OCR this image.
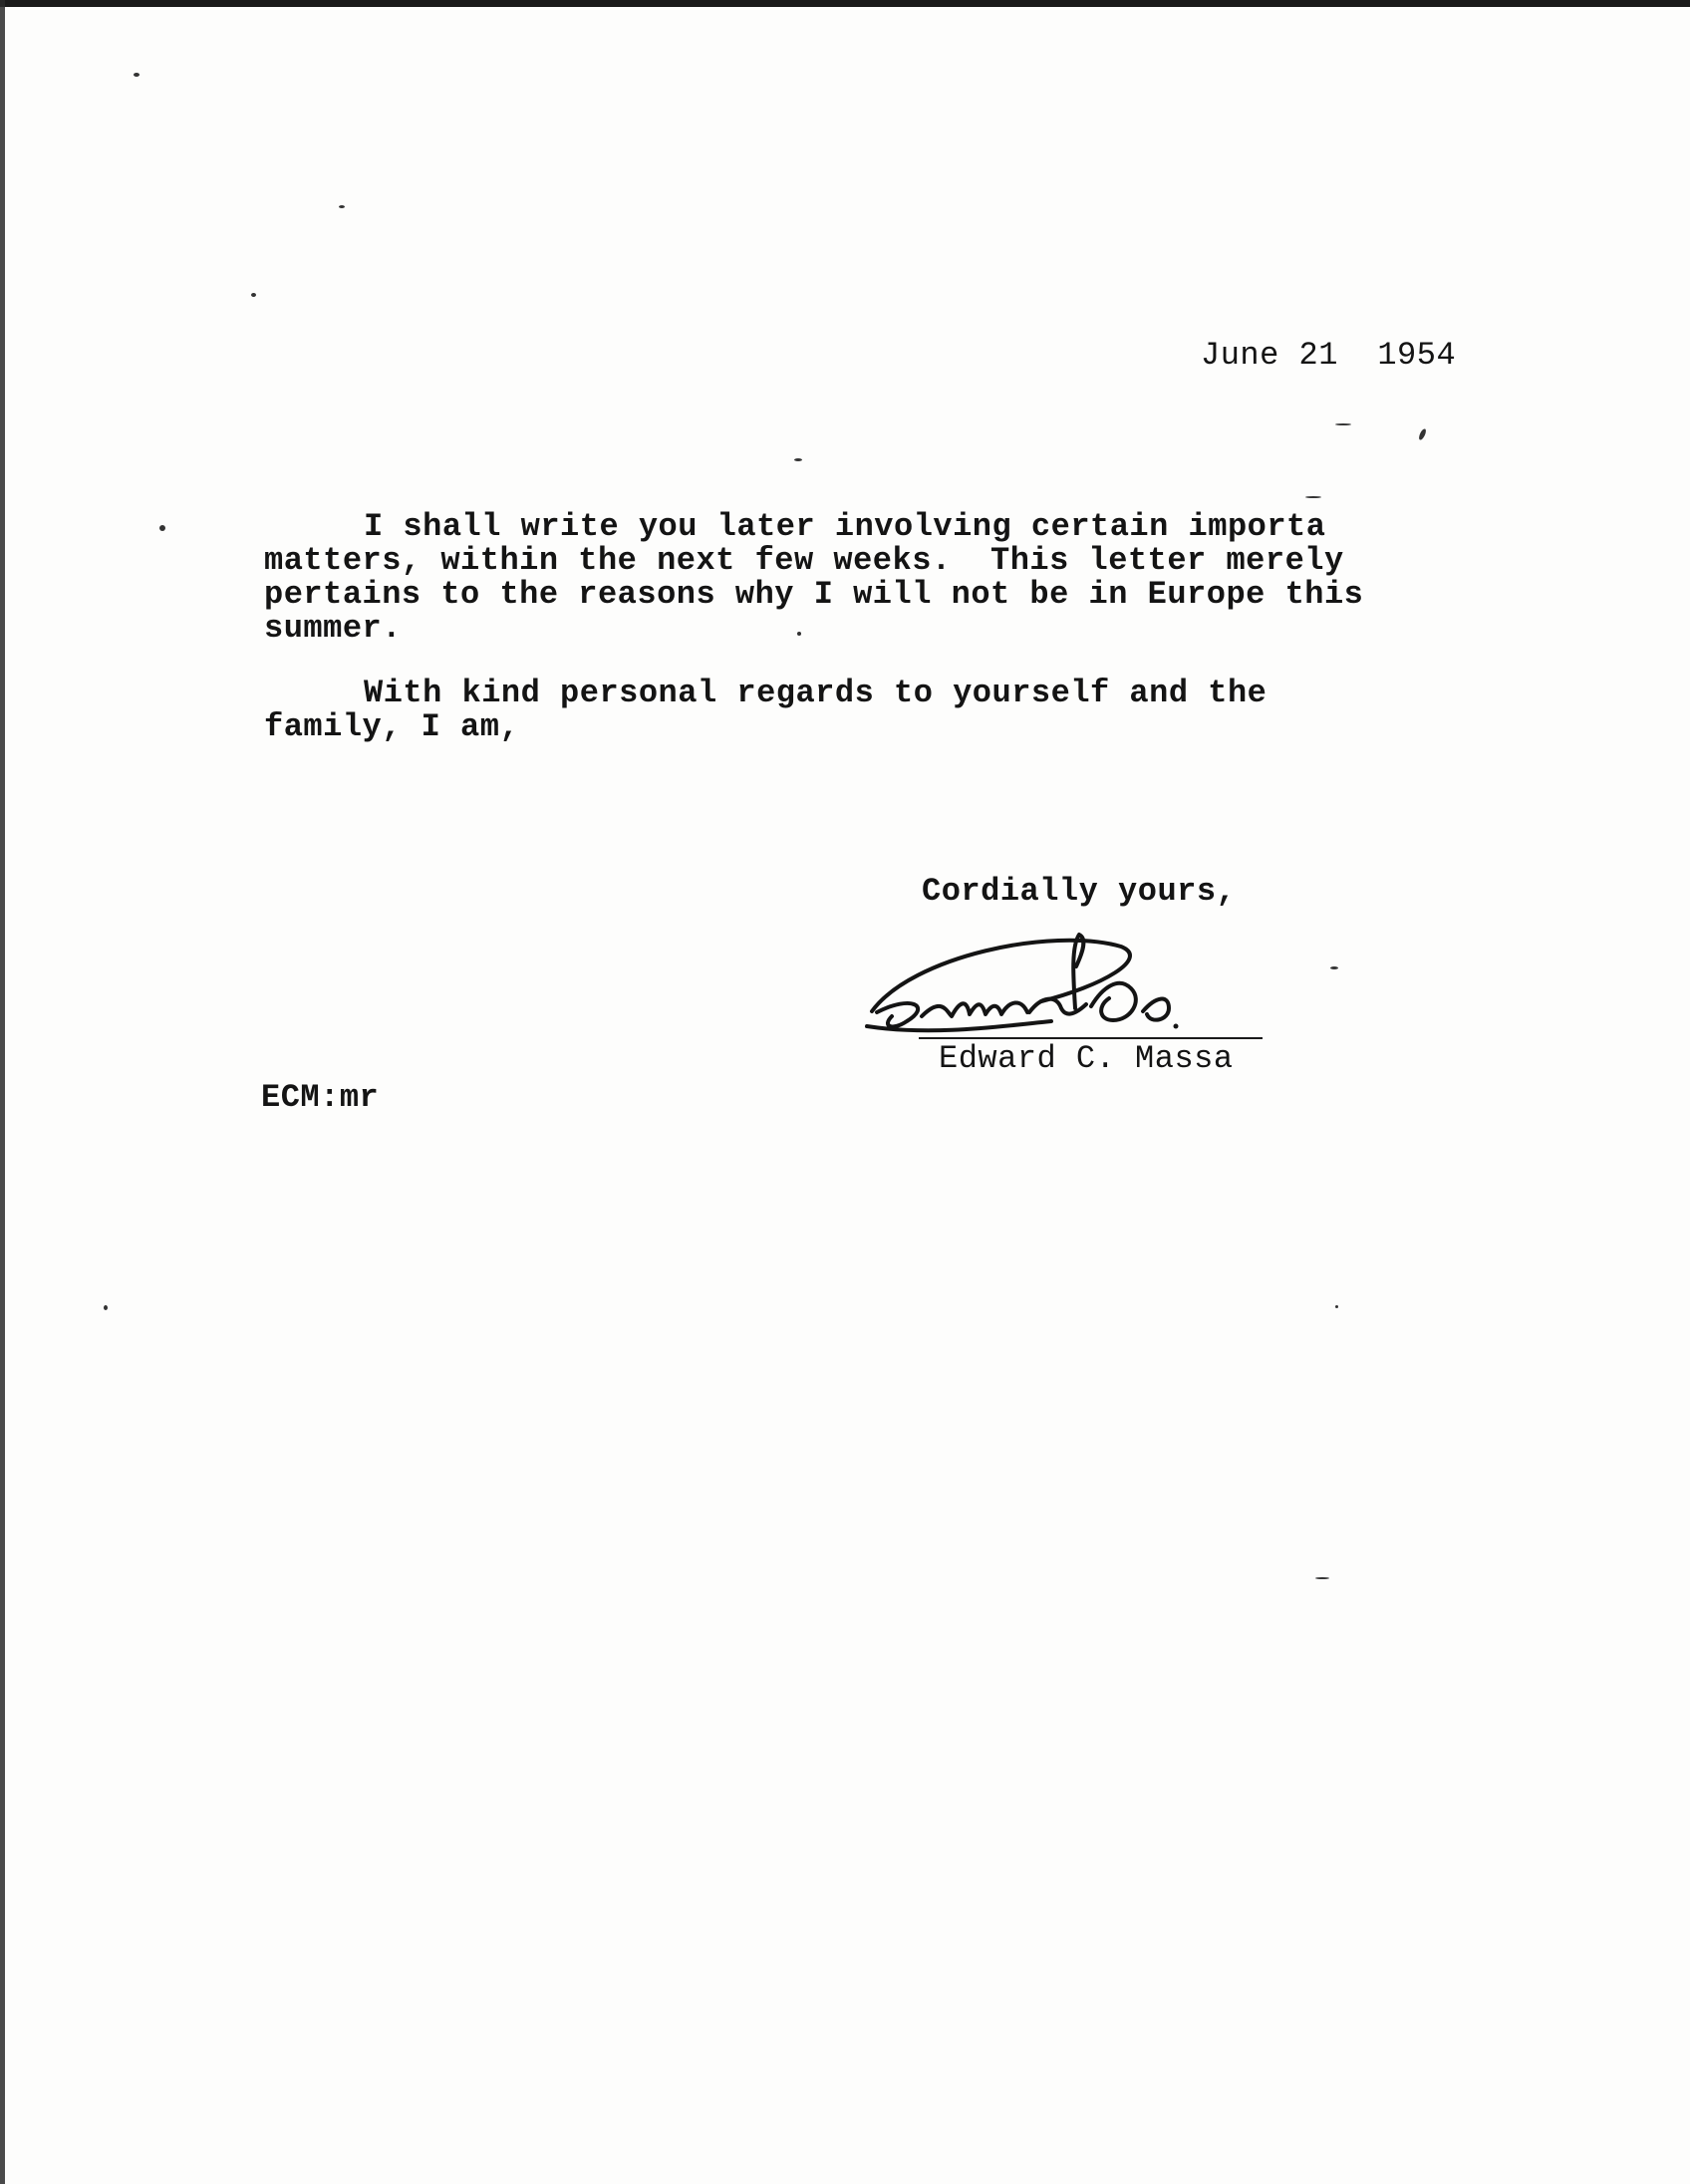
June 21  1954
I shall write you later involving certain importa
matters, within the next few weeks.  This letter merely
pertains to the reasons why I will not be in Europe this
summer.
With kind personal regards to yourself and the
family, I am,
Cordially yours,
Edward C. Massa
ECM:mr
